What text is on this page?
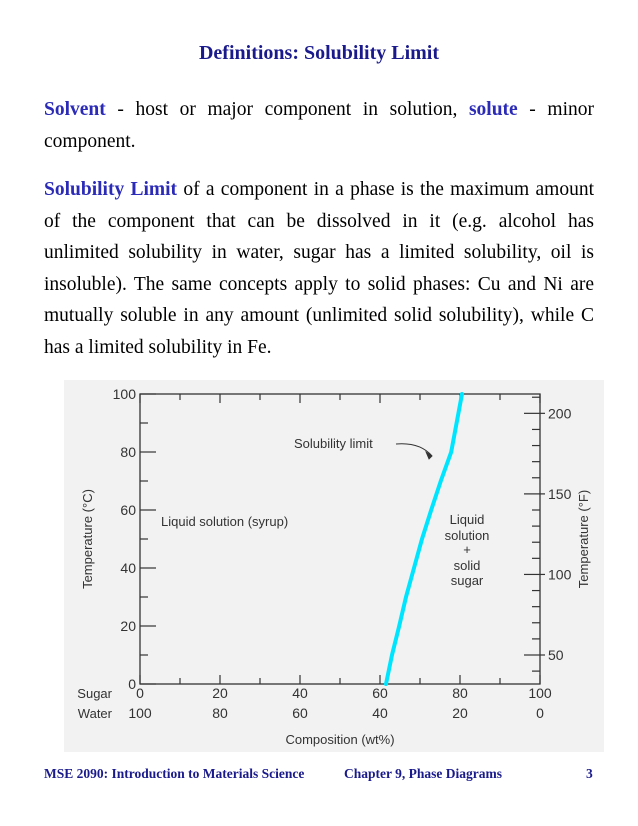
Definitions: Solubility Limit
Solvent - host or major component in solution, solute - minor component.
Solubility Limit of a component in a phase is the maximum amount of the component that can be dissolved in it (e.g. alcohol has unlimited solubility in water, sugar has a limited solubility, oil is insoluble). The same concepts apply to solid phases: Cu and Ni are mutually soluble in any amount (unlimited solid solubility), while C has a limited solubility in Fe.
0
20
40
60
80
100
50
100
150
200
Temperature (°C)	Temperature (°F)
Sugar 0	20	40	60	80	100
Water 100	80	60	40	20	0
Composition (wt%)
Solubility limit
Liquid solution (syrup)	Liquid
solution
+
solid
sugar
MSE 2090: Introduction to Materials Science	Chapter 9, Phase Diagrams	3
